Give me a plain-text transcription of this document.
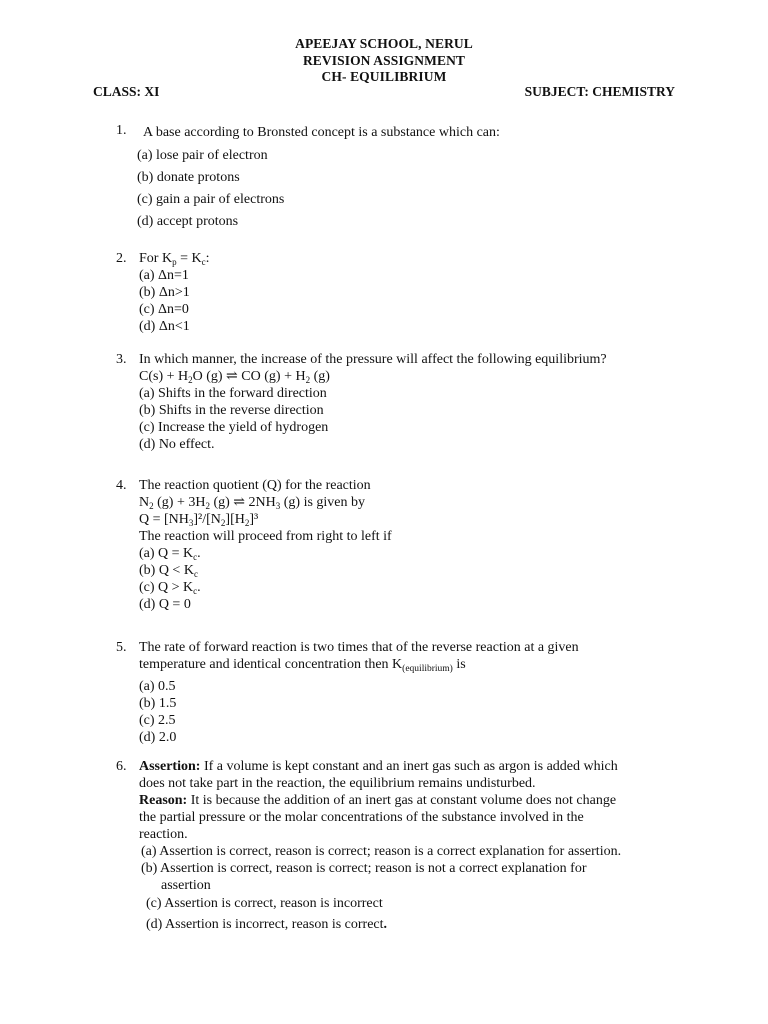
APEEJAY SCHOOL, NERUL
REVISION ASSIGNMENT
CH- EQUILIBRIUM
CLASS: XI	SUBJECT: CHEMISTRY
1. A base according to Bronsted concept is a substance which can:
(a) lose pair of electron
(b) donate protons
(c) gain a pair of electrons
(d) accept protons
2. For $K_p = K_c$:
(a) Δn=1
(b) Δn>1
(c) Δn=0
(d) Δn<1
3. In which manner, the increase of the pressure will affect the following equilibrium?
$C(s) + H_2O$ (g) ⇌ CO $(g) + H_2$ (g)
(a) Shifts in the forward direction
(b) Shifts in the reverse direction
(c) Increase the yield of hydrogen
(d) No effect.
4. The reaction quotient (Q) for the reaction
$N_2$ $(g) + 3H_2$ (g) ⇌ $2NH_3$ (g) is given by
$Q = [NH_3]^2/[N_2][H_2]^3$
The reaction will proceed from right to left if
(a) $Q = K_c$.
(b) $Q < K_c$
(c) $Q > K_c$.
(d) Q = 0
5. The rate of forward reaction is two times that of the reverse reaction at a given
temperature and identical concentration then $K_{(equilibrium)}$ is
(a) 0.5
(b) 1.5
(c) 2.5
(d) 2.0
6. Assertion: If a volume is kept constant and an inert gas such as argon is added which
does not take part in the reaction, the equilibrium remains undisturbed.
Reason: It is because the addition of an inert gas at constant volume does not change
the partial pressure or the molar concentrations of the substance involved in the
reaction.
(a) Assertion is correct, reason is correct; reason is a correct explanation for assertion.
(b) Assertion is correct, reason is correct; reason is not a correct explanation for
assertion
(c) Assertion is correct, reason is incorrect
(d) Assertion is incorrect, reason is correct.
